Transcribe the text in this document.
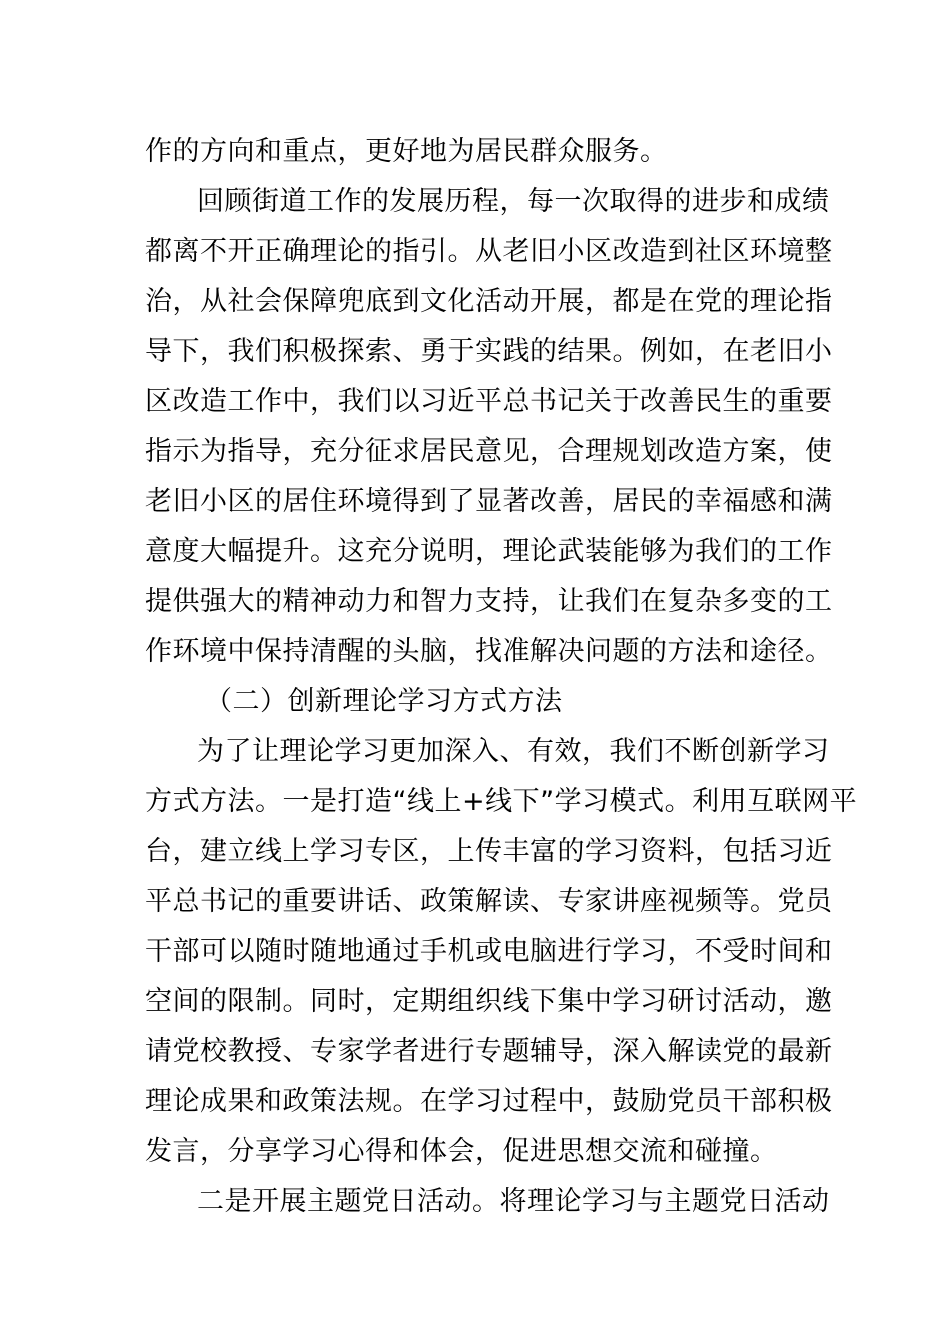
作的方向和重点，更好地为居民群众服务。
回顾街道工作的发展历程，每一次取得的进步和成绩
都离不开正确理论的指引。从老旧小区改造到社区环境整
治，从社会保障兜底到文化活动开展，都是在党的理论指
导下，我们积极探索、勇于实践的结果。例如，在老旧小
区改造工作中，我们以习近平总书记关于改善民生的重要
指示为指导，充分征求居民意见，合理规划改造方案，使
老旧小区的居住环境得到了显著改善，居民的幸福感和满
意度大幅提升。这充分说明，理论武装能够为我们的工作
提供强大的精神动力和智力支持，让我们在复杂多变的工
作环境中保持清醒的头脑，找准解决问题的方法和途径。
（二）创新理论学习方式方法
为了让理论学习更加深入、有效，我们不断创新学习
方式方法。一是打造“线上+线下”学习模式。利用互联网平
台，建立线上学习专区，上传丰富的学习资料，包括习近
平总书记的重要讲话、政策解读、专家讲座视频等。党员
干部可以随时随地通过手机或电脑进行学习，不受时间和
空间的限制。同时，定期组织线下集中学习研讨活动，邀
请党校教授、专家学者进行专题辅导，深入解读党的最新
理论成果和政策法规。在学习过程中，鼓励党员干部积极
发言，分享学习心得和体会，促进思想交流和碰撞。
二是开展主题党日活动。将理论学习与主题党日活动
